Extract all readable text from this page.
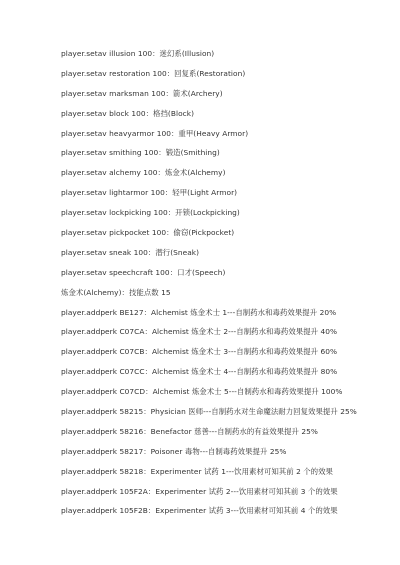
player.setav illusion 100：迷幻系(Illusion)
player.setav restoration 100：回复系(Restoration)
player.setav marksman 100：箭术(Archery)
player.setav block 100：格挡(Block)
player.setav heavyarmor 100：重甲(Heavy Armor)
player.setav smithing 100：锻造(Smithing)
player.setav alchemy 100：炼金术(Alchemy)
player.setav lightarmor 100：轻甲(Light Armor)
player.setav lockpicking 100：开锁(Lockpicking)
player.setav pickpocket 100：偷窃(Pickpocket)
player.setav sneak 100：潜行(Sneak)
player.setav speechcraft 100：口才(Speech)
炼金术(Alchemy)：技能点数 15
player.addperk BE127：Alchemist 炼金术士 1---自制药水和毒药效果提升 20%
player.addperk C07CA：Alchemist 炼金术士 2---自制药水和毒药效果提升 40%
player.addperk C07CB：Alchemist 炼金术士 3---自制药水和毒药效果提升 60%
player.addperk C07CC：Alchemist 炼金术士 4---自制药水和毒药效果提升 80%
player.addperk C07CD：Alchemist 炼金术士 5---自制药水和毒药效果提升 100%
player.addperk 58215：Physician 医师---自制药水对生命魔法耐力回复效果提升 25%
player.addperk 58216：Benefactor 慈善---自制药水的有益效果提升 25%
player.addperk 58217：Poisoner 毒物---自制毒药效果提升 25%
player.addperk 58218：Experimenter 试药 1---饮用素材可知其前 2 个的效果
player.addperk 105F2A：Experimenter 试药 2---饮用素材可知其前 3 个的效果
player.addperk 105F2B：Experimenter 试药 3---饮用素材可知其前 4 个的效果
